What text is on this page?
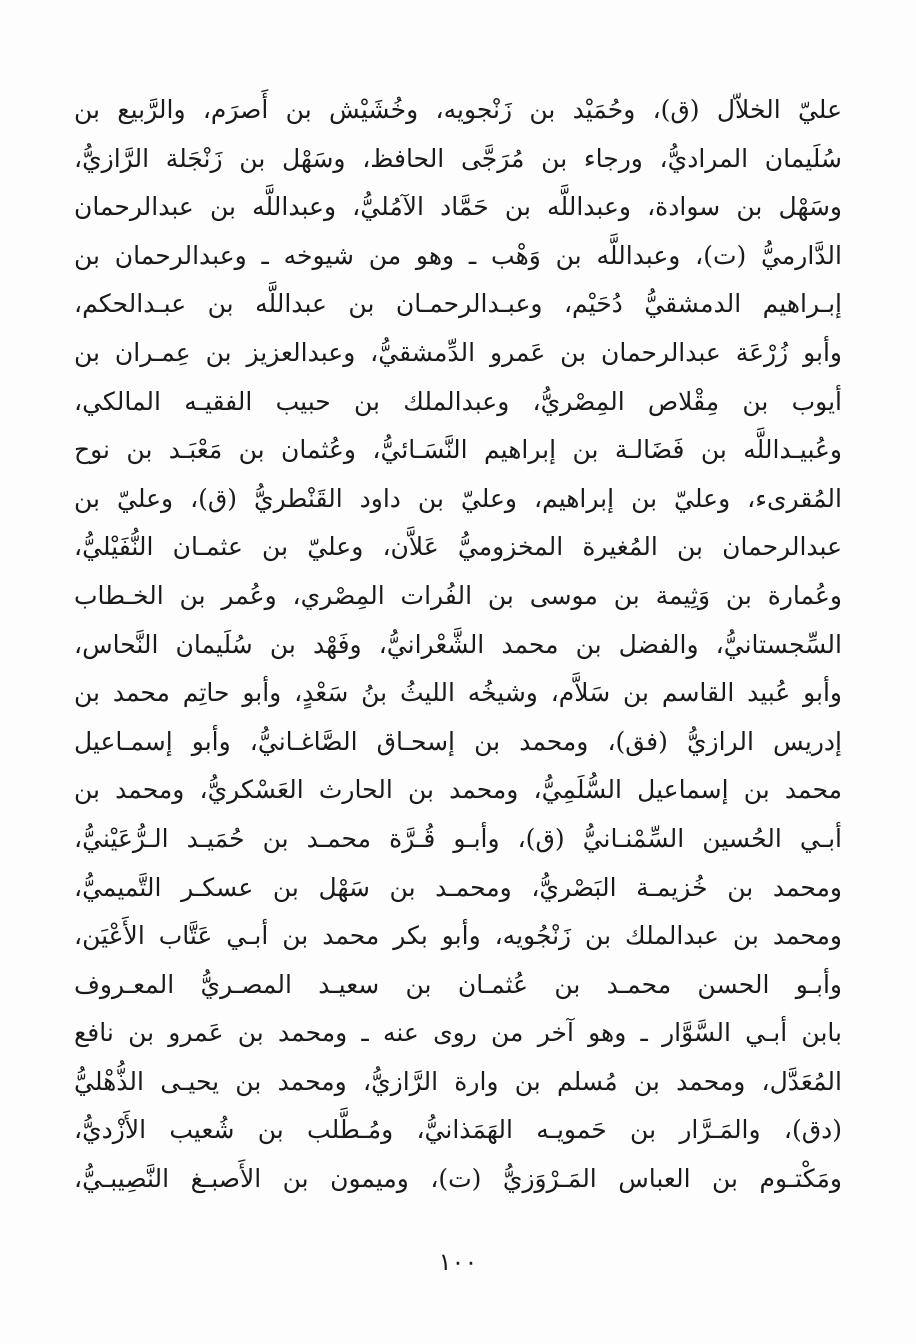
عليّ الخلاّل (ق)، وحُمَيْد بن زَنْجويه، وخُشَيْش بن أَصرَم، والرَّبيع بن
سُلَيمان المراديُّ، ورجاء بن مُرَجَّى الحافظ، وسَهْل بن زَنْجَلة الرَّازيُّ،
وسَهْل بن سوادة، وعبداللَّه بن حَمَّاد الآمُليُّ، وعبداللَّه بن عبدالرحمان
الدَّارميُّ (ت)، وعبداللَّه بن وَهْب ـ وهو من شيوخه ـ وعبدالرحمان بن
إبـراهيم الدمشقيُّ دُحَيْم، وعبـدالرحمـان بن عبداللَّه بن عبـدالحكم،
وأبو زُرْعَة عبدالرحمان بن عَمرو الدِّمشقيُّ، وعبدالعزيز بن عِمـران بن
أيوب بن مِقْلاص المِصْريُّ، وعبدالملك بن حبيب الفقيـه المالكي،
وعُبيـداللَّه بن فَضَالـة بن إبراهيم النَّسَـائيُّ، وعُثمان بن مَعْبَـد بن نوح
المُقرىء، وعليّ بن إبراهيم، وعليّ بن داود القَنْطريُّ (ق)، وعليّ بن
عبدالرحمان بن المُغيرة المخزوميُّ عَلاَّن، وعليّ بن عثمـان النُّفَيْليُّ،
وعُمارة بن وَثِيمة بن موسى بن الفُرات المِصْري، وعُمر بن الخـطاب
السِّجستانيُّ، والفضل بن محمد الشَّعْرانيُّ، وفَهْد بن سُلَيمان النَّحاس،
وأبو عُبيد القاسم بن سَلاَّم، وشيخُه الليثُ بنُ سَعْدٍ، وأبو حاتِم محمد بن
إدريس الرازيُّ (فق)، ومحمد بن إسحـاق الصَّاغـانيُّ، وأبو إسمـاعيل
محمد بن إسماعيل السُّلَمِيُّ، ومحمد بن الحارث العَسْكريُّ، ومحمد بن
أبـي الحُسين السِّمْنـانيُّ (ق)، وأبـو قُـرَّة محمـد بن حُمَيـد الـرُّعَيْنيُّ،
ومحمد بن خُزيمـة البَصْريُّ، ومحمـد بن سَهْل بن عسكـر التَّميميُّ،
ومحمد بن عبدالملك بن زَنْجُويه، وأبو بكر محمد بن أبـي عَتَّاب الأَعْيَن،
وأبـو الحسن محمـد بن عُثمـان بن سعيـد المصـريُّ المعـروف
بابن أبـي السَّوَّار ـ وهو آخر من روى عنه ـ ومحمد بن عَمرو بن نافع
المُعَدَّل، ومحمد بن مُسلم بن وارة الرَّازيُّ، ومحمد بن يحيـى الذُّهْليُّ
(دق)، والمَـرَّار بن حَمويـه الهَمَذانيُّ، ومُـطَّلب بن شُعيب الأَزْديُّ،
ومَكْتـوم بن العباس المَـرْوَزيُّ (ت)، وميمون بن الأَصبـغ النَّصِيبـيُّ،
١٠٠
